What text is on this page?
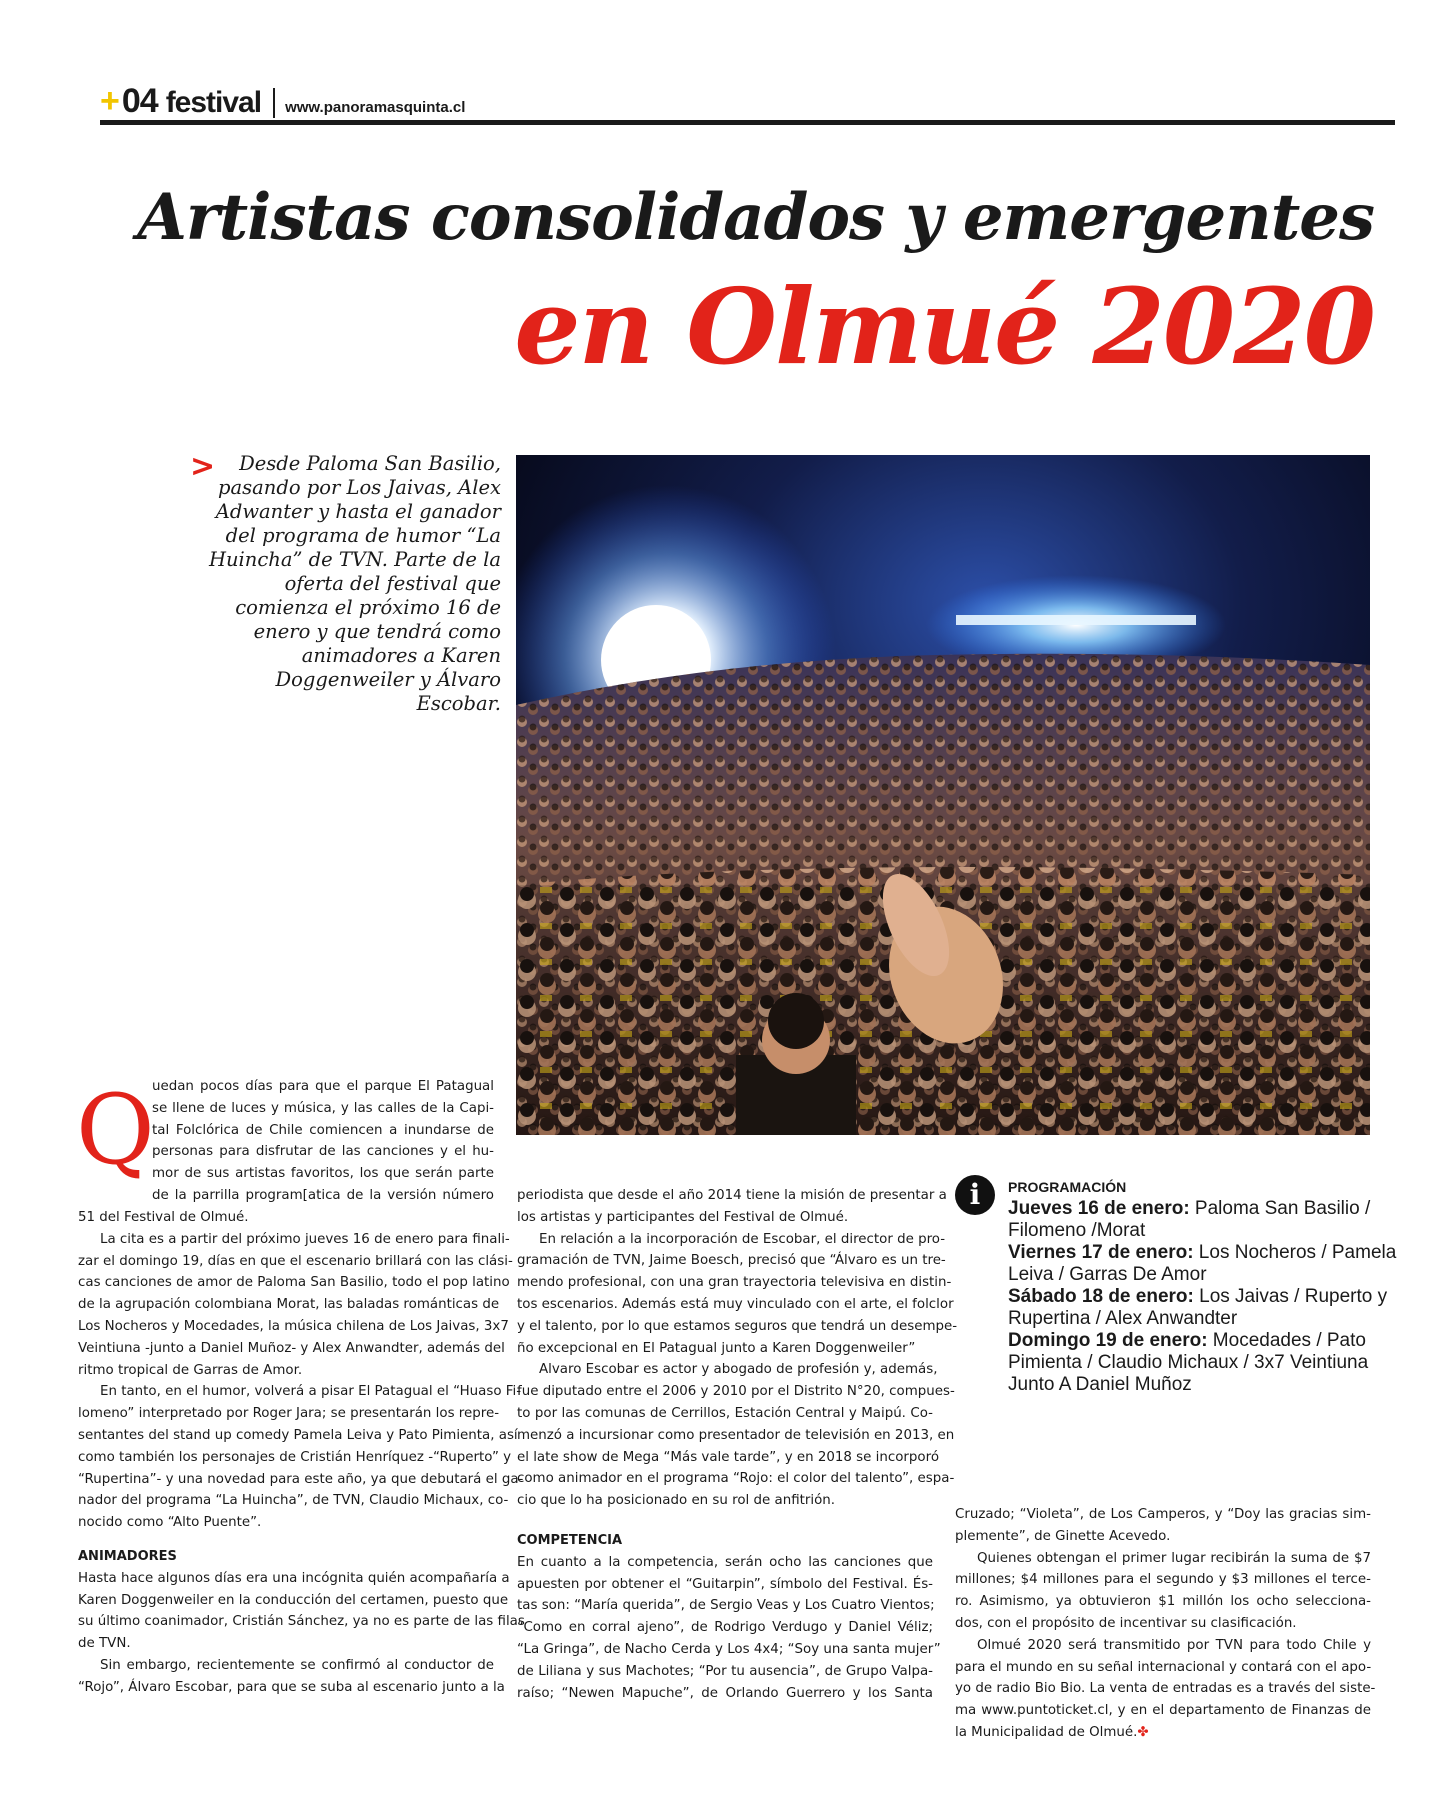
+ 04 festival www.panoramasquinta.cl
Artistas consolidados y emergentes
en Olmué 2020
>	Desde Paloma San Basilio,
pasando por Los Jaivas, Alex
Adwanter y hasta el ganador
del programa de humor “La
Huincha” de TVN. Parte de la
oferta del festival que
comienza el próximo 16 de
enero y que tendrá como
animadores a Karen
Doggenweiler y Álvaro
Escobar.
Q
uedan pocos días para que el parque El Patagual
se llene de luces y música, y las calles de la Capi-
tal Folclórica de Chile comiencen a inundarse de
personas para disfrutar de las canciones y el hu-
mor de sus artistas favoritos, los que serán parte
de la parrilla program[atica de la versión número
51 del Festival de Olmué.
La cita es a partir del próximo jueves 16 de enero para finali-
zar el domingo 19, días en que el escenario brillará con las clási-
cas canciones de amor de Paloma San Basilio, todo el pop latino
de la agrupación colombiana Morat, las baladas románticas de
Los Nocheros y Mocedades, la música chilena de Los Jaivas, 3x7
Veintiuna -junto a Daniel Muñoz- y Alex Anwandter, además del
ritmo tropical de Garras de Amor.
En tanto, en el humor, volverá a pisar El Patagual el “Huaso Fi-
lomeno” interpretado por Roger Jara; se presentarán los repre-
sentantes del stand up comedy Pamela Leiva y Pato Pimienta, así
como también los personajes de Cristián Henríquez -“Ruperto” y
“Rupertina”- y una novedad para este año, ya que debutará el ga-
nador del programa “La Huincha”, de TVN, Claudio Michaux, co-
nocido como “Alto Puente”.
ANIMADORES
Hasta hace algunos días era una incógnita quién acompañaría a
Karen Doggenweiler en la conducción del certamen, puesto que
su último coanimador, Cristián Sánchez, ya no es parte de las filas
de TVN.
Sin embargo, recientemente se confirmó al conductor de
“Rojo”, Álvaro Escobar, para que se suba al escenario junto a la
periodista que desde el año 2014 tiene la misión de presentar a
los artistas y participantes del Festival de Olmué.
En relación a la incorporación de Escobar, el director de pro-
gramación de TVN, Jaime Boesch, precisó que “Álvaro es un tre-
mendo profesional, con una gran trayectoria televisiva en distin-
tos escenarios. Además está muy vinculado con el arte, el folclor
y el talento, por lo que estamos seguros que tendrá un desempe-
ño excepcional en El Patagual junto a Karen Doggenweiler”
Alvaro Escobar es actor y abogado de profesión y, además,
fue diputado entre el 2006 y 2010 por el Distrito N°20, compues-
to por las comunas de Cerrillos, Estación Central y Maipú. Co-
menzó a incursionar como presentador de televisión en 2013, en
el late show de Mega “Más vale tarde”, y en 2018 se incorporó
como animador en el programa “Rojo: el color del talento”, espa-
cio que lo ha posicionado en su rol de anfitrión.
COMPETENCIA
En cuanto a la competencia, serán ocho las canciones que
apuesten por obtener el “Guitarpin”, símbolo del Festival. És-
tas son: “María querida”, de Sergio Veas y Los Cuatro Vientos;
“Como en corral ajeno”, de Rodrigo Verdugo y Daniel Véliz;
“La Gringa”, de Nacho Cerda y Los 4x4; “Soy una santa mujer”
de Liliana y sus Machotes; “Por tu ausencia”, de Grupo Valpa-
raíso; “Newen Mapuche”, de Orlando Guerrero y los Santa
i	PROGRAMACIÓN
Jueves 16 de enero: Paloma San Basilio /
Filomeno /Morat
Viernes 17 de enero: Los Nocheros / Pamela
Leiva / Garras De Amor
Sábado 18 de enero: Los Jaivas / Ruperto y
Rupertina / Alex Anwandter
Domingo 19 de enero: Mocedades / Pato
Pimienta / Claudio Michaux / 3x7 Veintiuna
Junto A Daniel Muñoz
Cruzado; “Violeta”, de Los Camperos, y “Doy las gracias sim-
plemente”, de Ginette Acevedo.
Quienes obtengan el primer lugar recibirán la suma de $7
millones; $4 millones para el segundo y $3 millones el terce-
ro. Asimismo, ya obtuvieron $1 millón los ocho selecciona-
dos, con el propósito de incentivar su clasificación.
Olmué 2020 será transmitido por TVN para todo Chile y
para el mundo en su señal internacional y contará con el apo-
yo de radio Bio Bio. La venta de entradas es a través del siste-
ma www.puntoticket.cl, y en el departamento de Finanzas de
la Municipalidad de Olmué.✤
